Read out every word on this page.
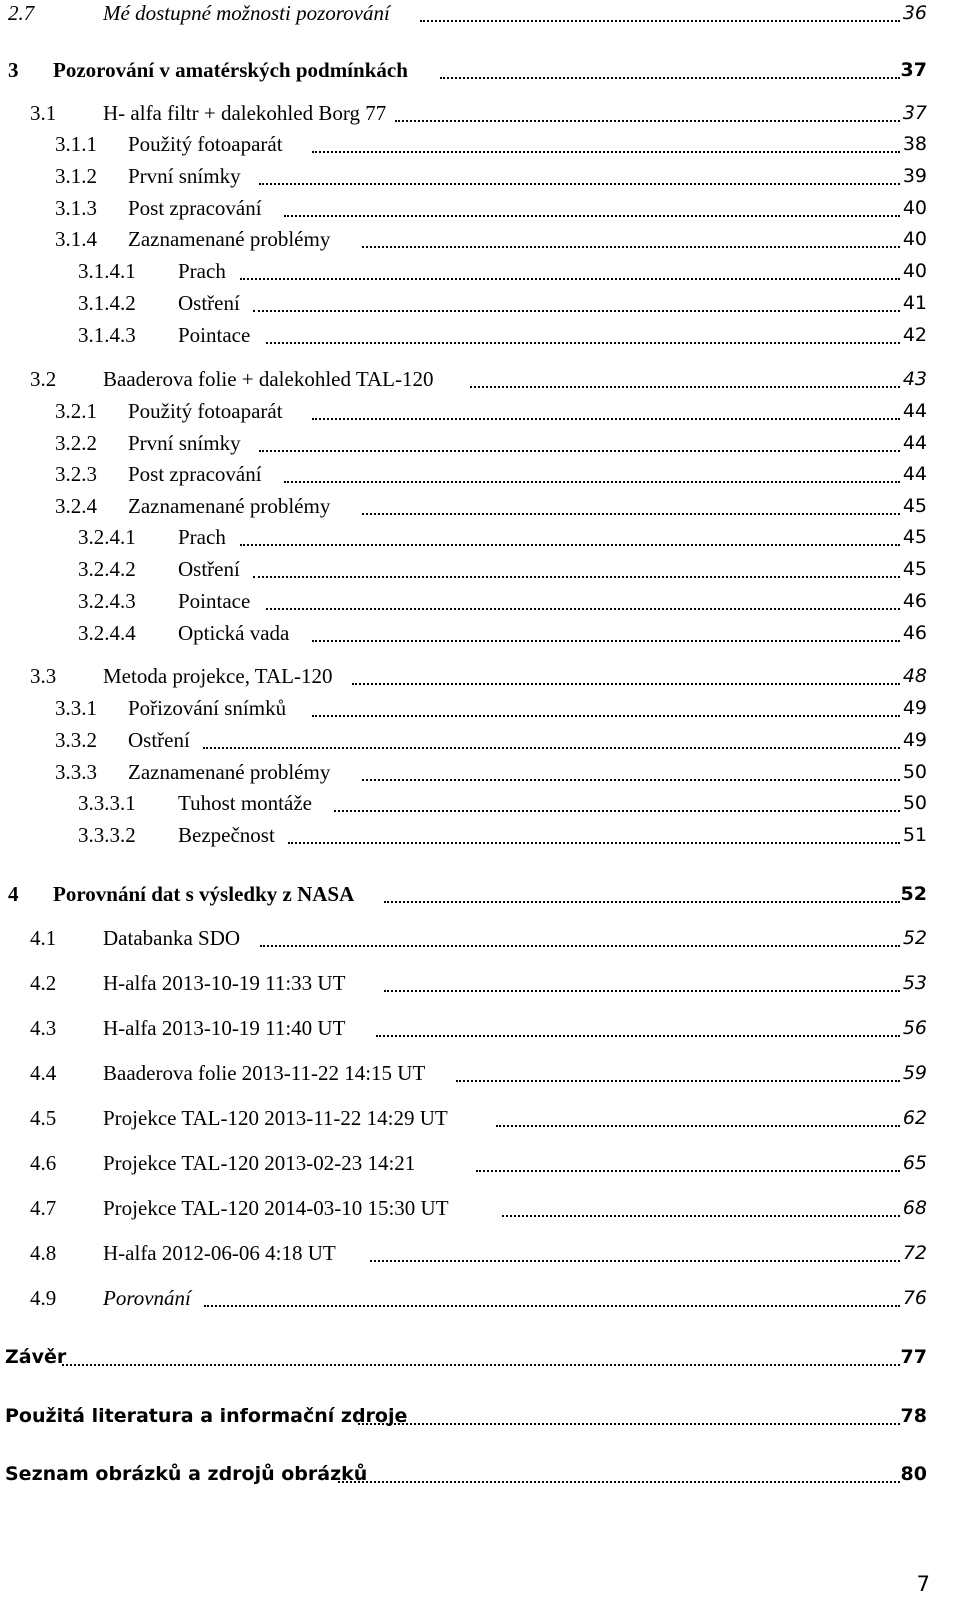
2.7	Mé dostupné možnosti pozorování	36
3 Pozorování v amatérských podmínkách	37
3.1 H- alfa filtr + dalekohled Borg 77	37
3.1.1 Použitý fotoaparát	38
3.1.2 První snímky	39
3.1.3 Post zpracování	40
3.1.4 Zaznamenané problémy	40
3.1.4.1 Prach	40
3.1.4.2 Ostření	41
3.1.4.3 Pointace	42
3.2 Baaderova folie + dalekohled TAL-120	43
3.2.1 Použitý fotoaparát	44
3.2.2 První snímky	44
3.2.3 Post zpracování	44
3.2.4 Zaznamenané problémy	45
3.2.4.1 Prach	45
3.2.4.2 Ostření	45
3.2.4.3 Pointace	46
3.2.4.4 Optická vada	46
3.3 Metoda projekce, TAL-120	48
3.3.1 Pořizování snímků	49
3.3.2 Ostření	49
3.3.3 Zaznamenané problémy	50
3.3.3.1 Tuhost montáže	50
3.3.3.2 Bezpečnost	51
4 Porovnání dat s výsledky z NASA	52
4.1 Databanka SDO	52
4.2 H-alfa 2013-10-19 11:33 UT	53
4.3 H-alfa 2013-10-19 11:40 UT	56
4.4 Baaderova folie 2013-11-22 14:15 UT	59
4.5 Projekce TAL-120 2013-11-22 14:29 UT	62
4.6 Projekce TAL-120 2013-02-23 14:21	65
4.7 Projekce TAL-120 2014-03-10 15:30 UT	68
4.8 H-alfa 2012-06-06 4:18 UT	72
4.9 Porovnání	76
Závěr	77
Použitá literatura a informační zdroje	78
Seznam obrázků a zdrojů obrázků	80
7
